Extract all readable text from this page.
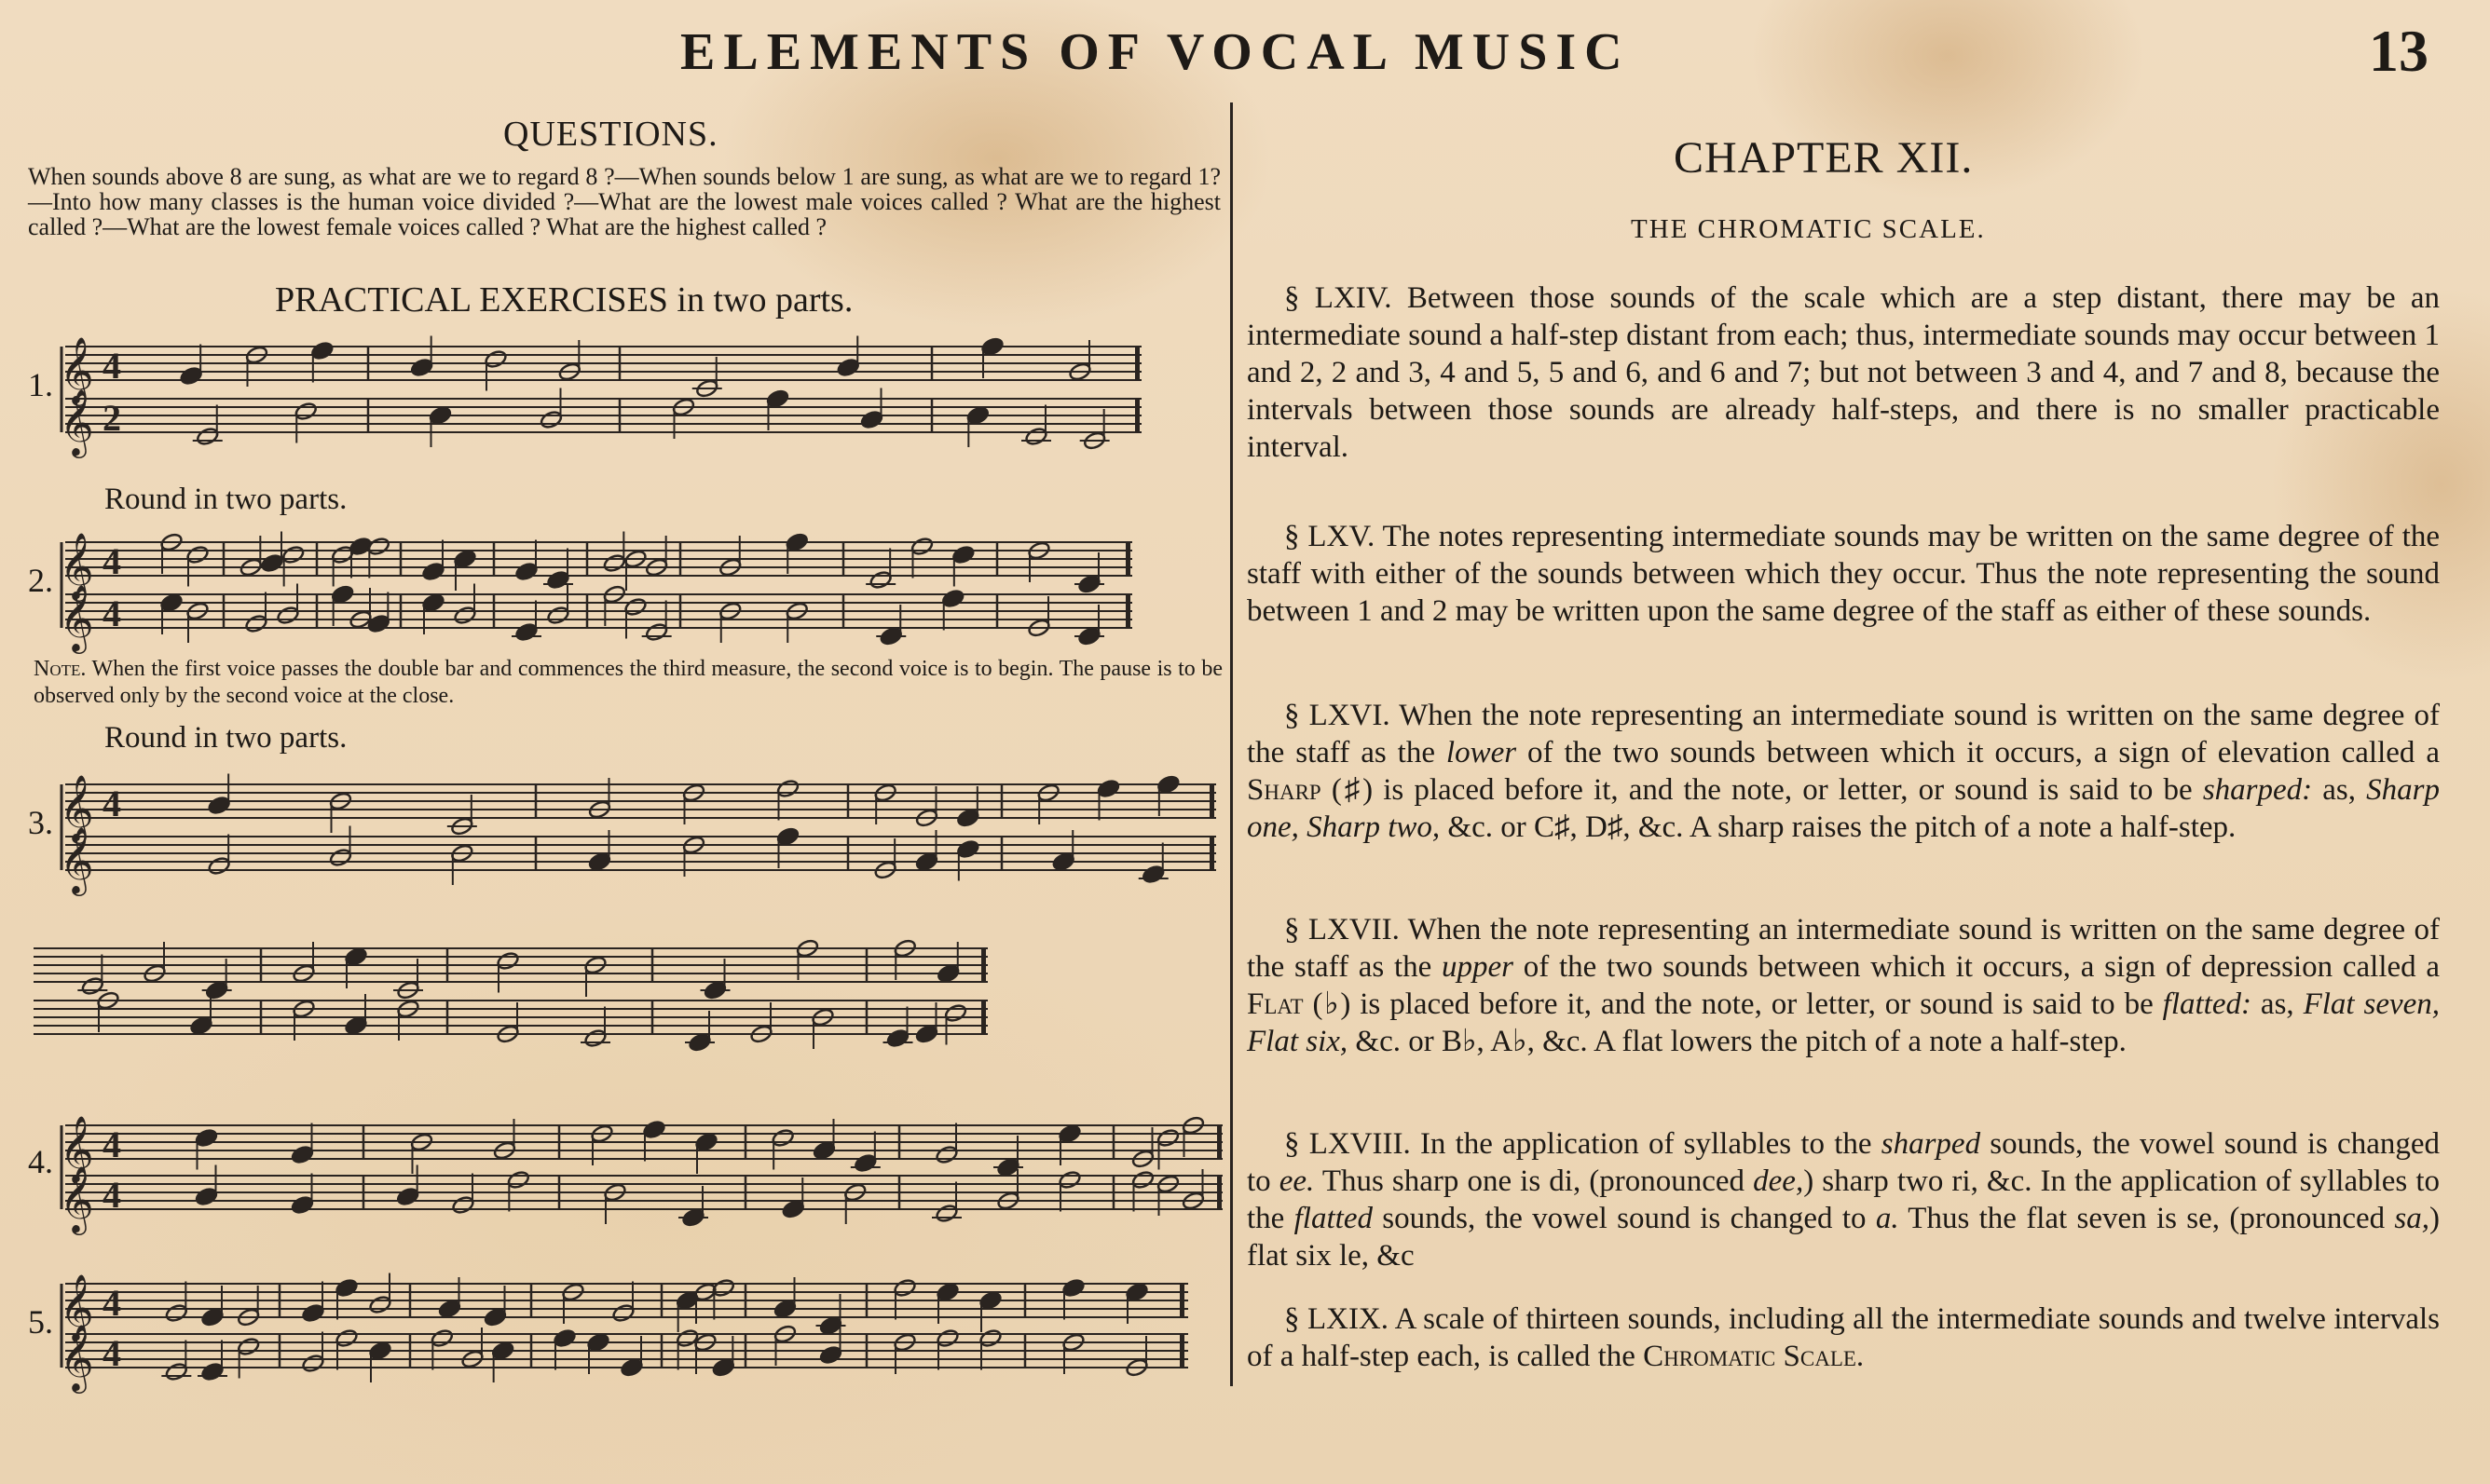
ELEMENTS OF VOCAL MUSIC	13
QUESTIONS.
When sounds above 8 are sung, as what are we to regard 8 ?—When sounds below 1 are sung, as what are we to regard 1?—Into how many classes is the human voice divided ?—What are the lowest male voices called ? What are the highest called ?—What are the lowest female voices called ? What are the highest called ?
PRACTICAL EXERCISES in two parts.
Round in two parts.
Note. When the first voice passes the double bar and commences the third measure, the second voice is to begin. The pause is to be observed only by the second voice at the close.
Round in two parts.
1.
2.
3.
4.
5.
𝄞 4
𝄞 2
𝄞 4
𝄞 4
𝄞 4
𝄞
𝄞 4
𝄞 4
𝄞 4
𝄞 4
CHAPTER XII.
THE CHROMATIC SCALE.

§ LXIV. Between those sounds of the scale which are a step distant, there may be an intermediate sound a half-step distant from each; thus, intermediate sounds may occur between 1 and 2, 2 and 3, 4 and 5, 5 and 6, and 6 and 7; but not between 3 and 4, and 7 and 8, because the intervals between those sounds are already half-steps, and there is no smaller practicable interval.

§ LXV. The notes representing intermediate sounds may be written on the same degree of the staff with either of the sounds between which they occur. Thus the note representing the sound between 1 and 2 may be written upon the same degree of the staff as either of these sounds.

§ LXVI. When the note representing an intermediate sound is written on the same degree of the staff as the lower of the two sounds between which it occurs, a sign of elevation called a Sharp (♯) is placed before it, and the note, or letter, or sound is said to be sharped: as, Sharp one, Sharp two, &c. or C♯, D♯, &c. A sharp raises the pitch of a note a half-step.

§ LXVII. When the note representing an intermediate sound is written on the same degree of the staff as the upper of the two sounds between which it occurs, a sign of depression called a Flat (♭) is placed before it, and the note, or letter, or sound is said to be flatted: as, Flat seven, Flat six, &c. or B♭, A♭, &c. A flat lowers the pitch of a note a half-step.

§ LXVIII. In the application of syllables to the sharped sounds, the vowel sound is changed to ee. Thus sharp one is di, (pronounced dee,) sharp two ri, &c. In the application of syllables to the flatted sounds, the vowel sound is changed to a. Thus the flat seven is se, (pronounced sa,) flat six le, &c

§ LXIX. A scale of thirteen sounds, including all the intermediate sounds and twelve intervals of a half-step each, is called the Chromatic Scale.
